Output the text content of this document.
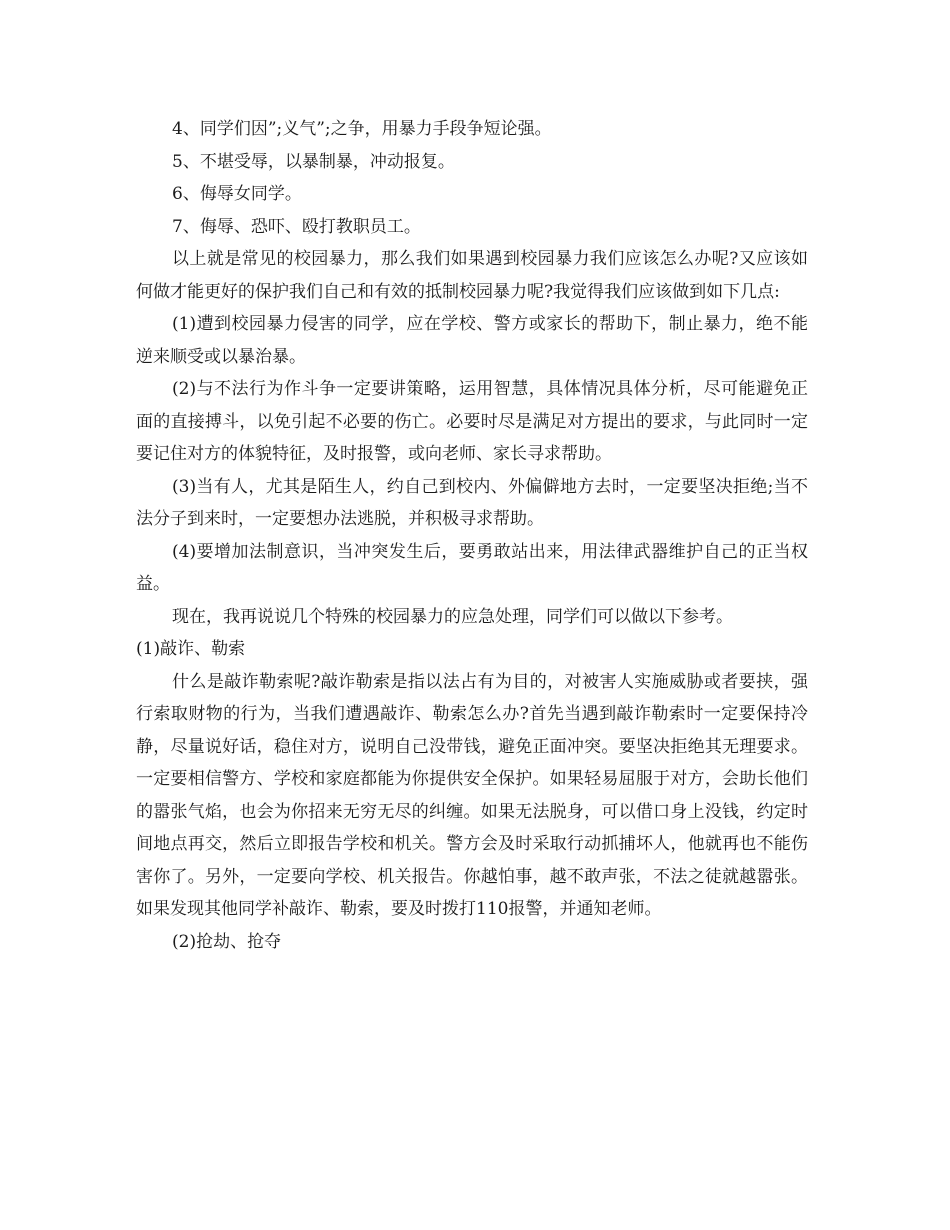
4、同学们因”;义气”;之争，用暴力手段争短论强。

5、不堪受辱，以暴制暴，冲动报复。

6、侮辱女同学。

7、侮辱、恐吓、殴打教职员工。

以上就是常见的校园暴力，那么我们如果遇到校园暴力我们应该怎么办呢?又应该如何做才能更好的保护我们自己和有效的抵制校园暴力呢?我觉得我们应该做到如下几点:

(1)遭到校园暴力侵害的同学，应在学校、警方或家长的帮助下，制止暴力，绝不能逆来顺受或以暴治暴。

(2)与不法行为作斗争一定要讲策略，运用智慧，具体情况具体分析，尽可能避免正面的直接搏斗，以免引起不必要的伤亡。必要时尽是满足对方提出的要求，与此同时一定要记住对方的体貌特征，及时报警，或向老师、家长寻求帮助。

(3)当有人，尤其是陌生人，约自己到校内、外偏僻地方去时，一定要坚决拒绝;当不法分子到来时，一定要想办法逃脱，并积极寻求帮助。

(4)要增加法制意识，当冲突发生后，要勇敢站出来，用法律武器维护自己的正当权益。

现在，我再说说几个特殊的校园暴力的应急处理，同学们可以做以下参考。

(1)敲诈、勒索

什么是敲诈勒索呢?敲诈勒索是指以法占有为目的，对被害人实施威胁或者要挟，强行索取财物的行为，当我们遭遇敲诈、勒索怎么办?首先当遇到敲诈勒索时一定要保持冷静，尽量说好话，稳住对方，说明自己没带钱，避免正面冲突。要坚决拒绝其无理要求。一定要相信警方、学校和家庭都能为你提供安全保护。如果轻易屈服于对方，会助长他们的嚣张气焰，也会为你招来无穷无尽的纠缠。如果无法脱身，可以借口身上没钱，约定时间地点再交，然后立即报告学校和机关。警方会及时采取行动抓捕坏人，他就再也不能伤害你了。另外，一定要向学校、机关报告。你越怕事，越不敢声张，不法之徒就越嚣张。如果发现其他同学补敲诈、勒索，要及时拨打110报警，并通知老师。

(2)抢劫、抢夺
